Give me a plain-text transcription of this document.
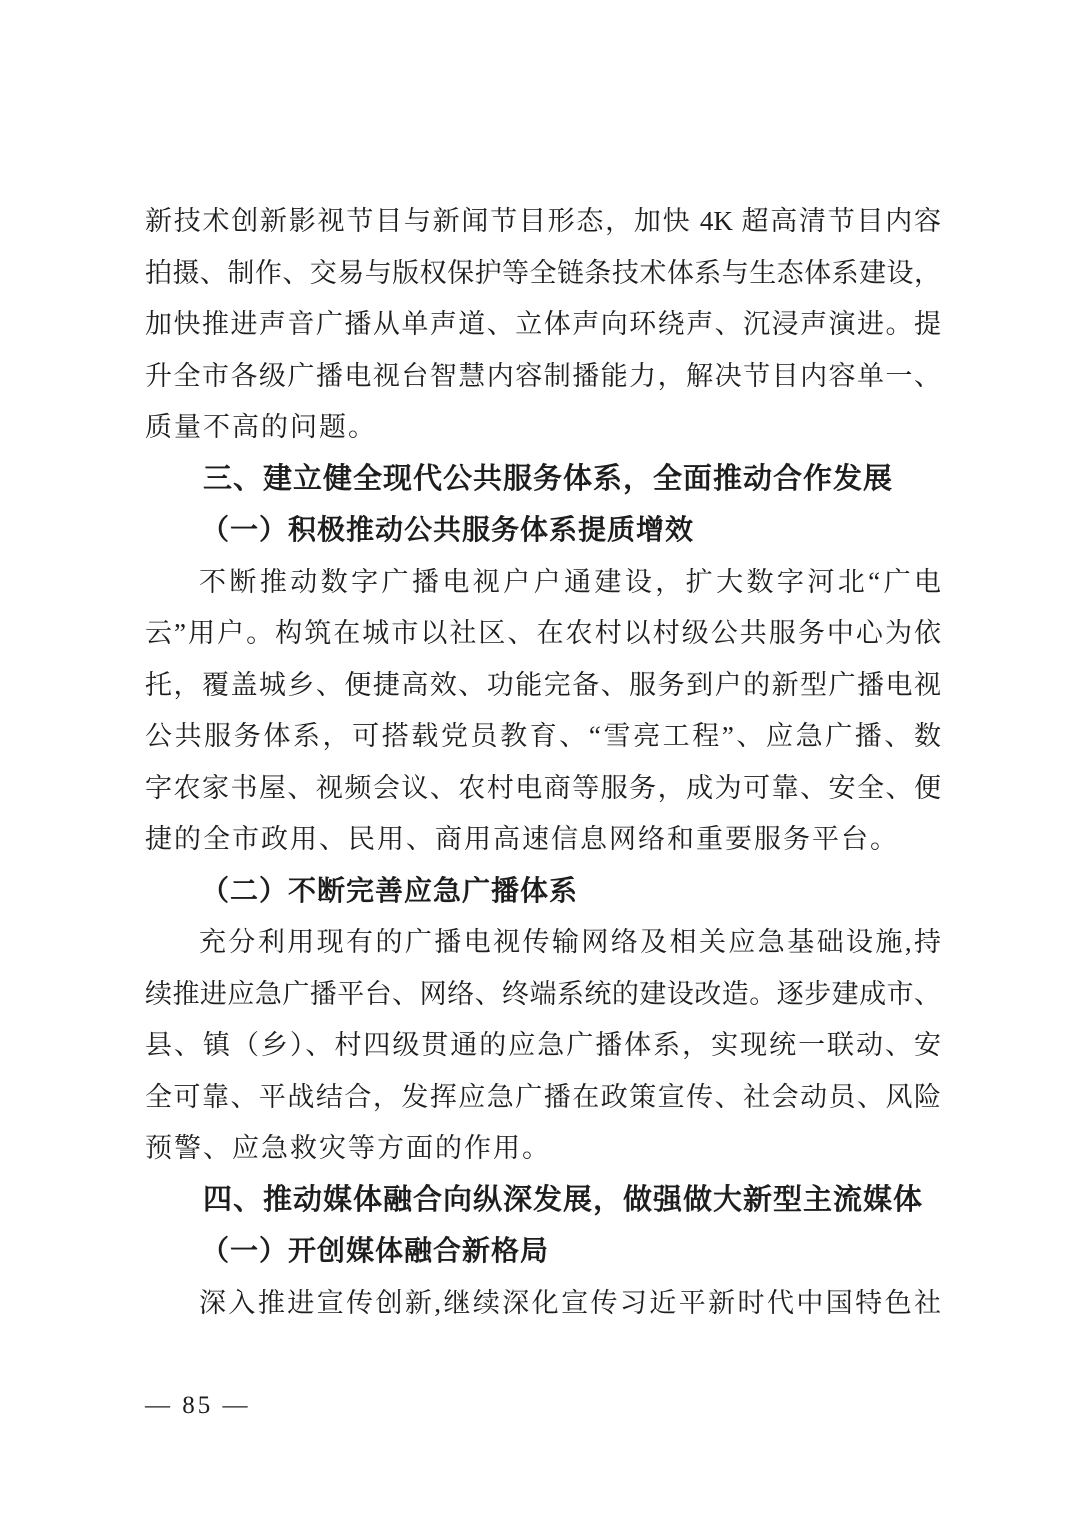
新技术创新影视节目与新闻节目形态，加快 4K 超高清节目内容
拍摄、制作、交易与版权保护等全链条技术体系与生态体系建设，
加快推进声音广播从单声道、立体声向环绕声、沉浸声演进。提
升全市各级广播电视台智慧内容制播能力，解决节目内容单一、
质量不高的问题。
三、建立健全现代公共服务体系，全面推动合作发展
（一）积极推动公共服务体系提质增效
不断推动数字广播电视户户通建设，扩大数字河北“广电
云”用户。构筑在城市以社区、在农村以村级公共服务中心为依
托，覆盖城乡、便捷高效、功能完备、服务到户的新型广播电视
公共服务体系，可搭载党员教育、“雪亮工程”、应急广播、数
字农家书屋、视频会议、农村电商等服务，成为可靠、安全、便
捷的全市政用、民用、商用高速信息网络和重要服务平台。
（二）不断完善应急广播体系
充分利用现有的广播电视传输网络及相关应急基础设施,持
续推进应急广播平台、网络、终端系统的建设改造。逐步建成市、
县、镇（乡）、村四级贯通的应急广播体系，实现统一联动、安
全可靠、平战结合，发挥应急广播在政策宣传、社会动员、风险
预警、应急救灾等方面的作用。
四、推动媒体融合向纵深发展，做强做大新型主流媒体
（一）开创媒体融合新格局
深入推进宣传创新,继续深化宣传习近平新时代中国特色社
— 85 —
